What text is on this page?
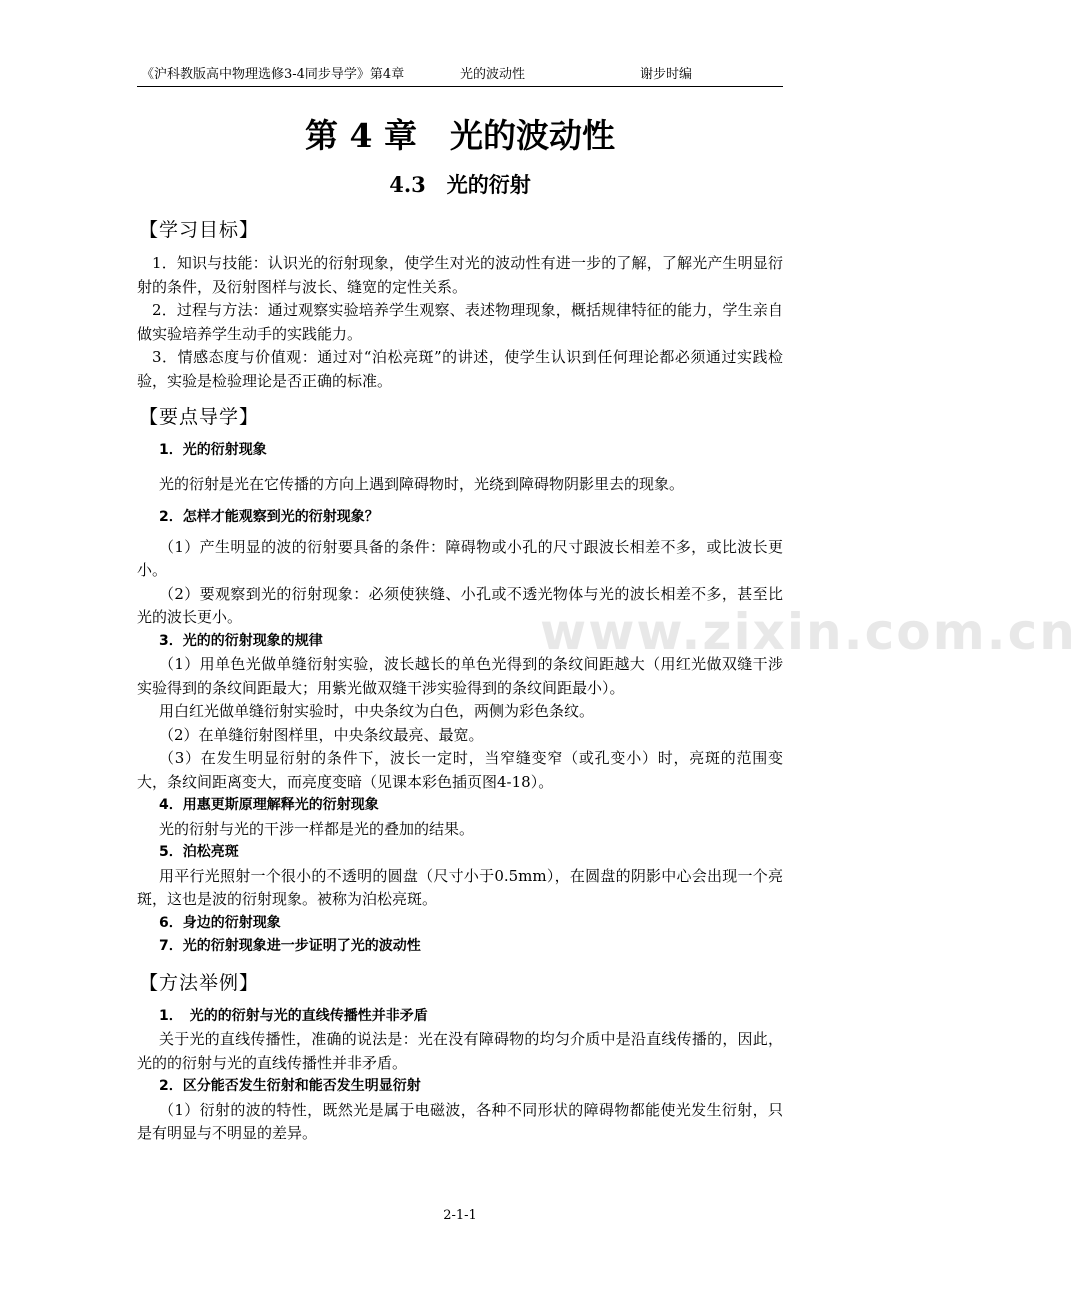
《沪科教版高中物理选修3-4同步导学》第4章	光的波动性	谢步时编
第 4 章　光的波动性
4.3　光的衍射
www.zixin.com.cn
【学习目标】

1．知识与技能：认识光的衍射现象，使学生对光的波动性有进一步的了解，了解光产生明显衍射的条件，及衍射图样与波长、缝宽的定性关系。

2．过程与方法：通过观察实验培养学生观察、表述物理现象，概括规律特征的能力，学生亲自做实验培养学生动手的实践能力。

3．情感态度与价值观：通过对“泊松亮斑”的讲述，使学生认识到任何理论都必须通过实践检验，实验是检验理论是否正确的标准。

【要点导学】
1．光的衍射现象

光的衍射是光在它传播的方向上遇到障碍物时，光绕到障碍物阴影里去的现象。

2．怎样才能观察到光的衍射现象？

（1）产生明显的波的衍射要具备的条件：障碍物或小孔的尺寸跟波长相差不多，或比波长更小。

（2）要观察到光的衍射现象：必须使狭缝、小孔或不透光物体与光的波长相差不多，甚至比光的波长更小。

3．光的的衍射现象的规律

（1）用单色光做单缝衍射实验，波长越长的单色光得到的条纹间距越大（用红光做双缝干涉实验得到的条纹间距最大；用紫光做双缝干涉实验得到的条纹间距最小）。

用白红光做单缝衍射实验时，中央条纹为白色，两侧为彩色条纹。

（2）在单缝衍射图样里，中央条纹最亮、最宽。

（3）在发生明显衍射的条件下，波长一定时，当窄缝变窄（或孔变小）时，亮斑的范围变大，条纹间距离变大，而亮度变暗（见课本彩色插页图4-18）。

4．用惠更斯原理解释光的衍射现象

光的衍射与光的干涉一样都是光的叠加的结果。

5．泊松亮斑

用平行光照射一个很小的不透明的圆盘（尺寸小于0.5mm），在圆盘的阴影中心会出现一个亮斑，这也是波的衍射现象。被称为泊松亮斑。

6．身边的衍射现象
7．光的衍射现象进一步证明了光的波动性
【方法举例】
1．　光的的衍射与光的直线传播性并非矛盾

关于光的直线传播性，准确的说法是：光在没有障碍物的均匀介质中是沿直线传播的，因此，光的的衍射与光的直线传播性并非矛盾。

2．区分能否发生衍射和能否发生明显衍射

（1）衍射的波的特性，既然光是属于电磁波，各种不同形状的障碍物都能使光发生衍射，只是有明显与不明显的差异。

2-1-1
